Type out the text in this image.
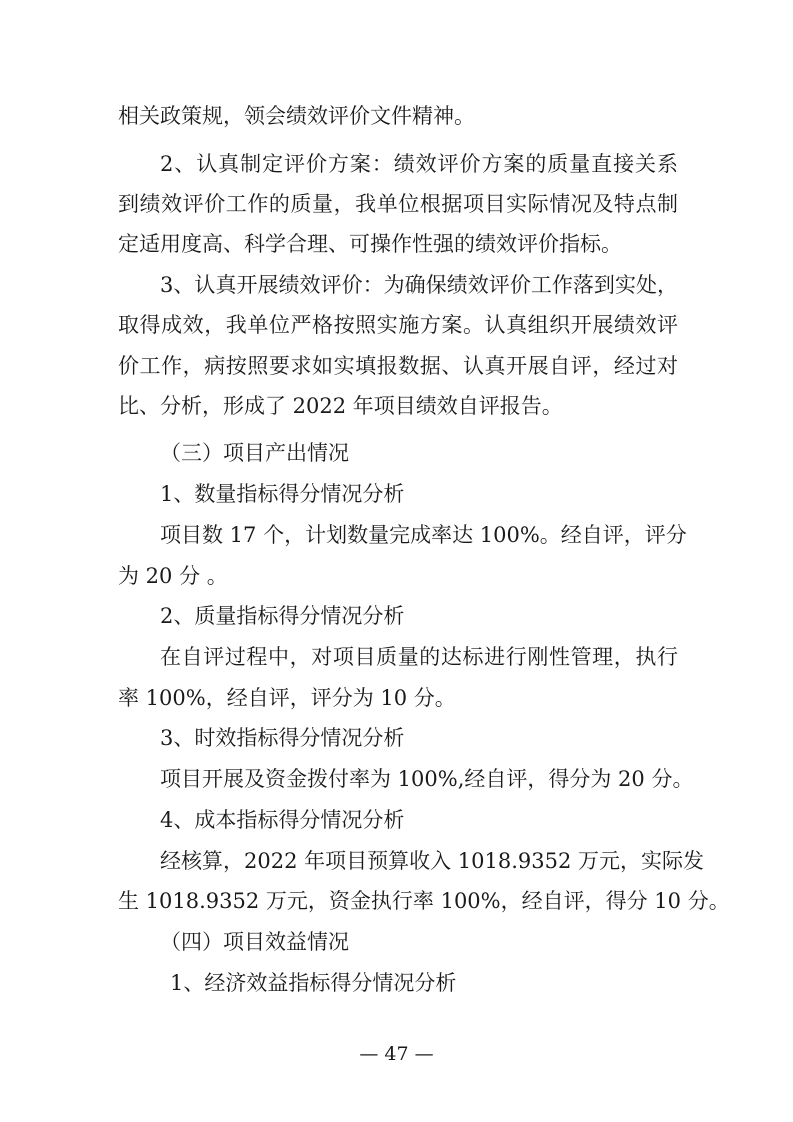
相关政策规，领会绩效评价文件精神。
2、认真制定评价方案：绩效评价方案的质量直接关系
到绩效评价工作的质量，我单位根据项目实际情况及特点制
定适用度高、科学合理、可操作性强的绩效评价指标。
3、认真开展绩效评价：为确保绩效评价工作落到实处，
取得成效，我单位严格按照实施方案。认真组织开展绩效评
价工作，病按照要求如实填报数据、认真开展自评，经过对
比、分析，形成了 2022 年项目绩效自评报告。
（三）项目产出情况
1、数量指标得分情况分析
项目数 17 个，计划数量完成率达 100%。经自评，评分
为 20 分 。
2、质量指标得分情况分析
在自评过程中，对项目质量的达标进行刚性管理，执行
率 100%，经自评，评分为 10 分。
3、时效指标得分情况分析
项目开展及资金拨付率为 100%,经自评，得分为 20 分。
4、成本指标得分情况分析
经核算，2022 年项目预算收入 1018.9352 万元，实际发
生 1018.9352 万元，资金执行率 100%，经自评，得分 10 分。
（四）项目效益情况
1、经济效益指标得分情况分析
— 47 —
